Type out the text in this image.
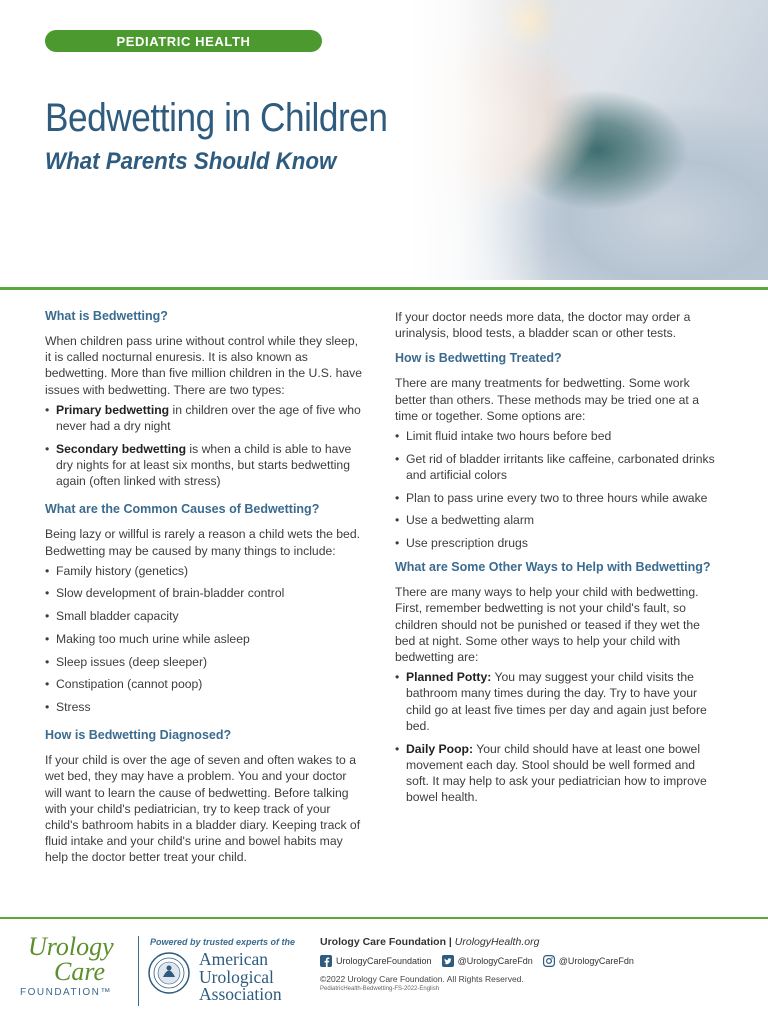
PEDIATRIC HEALTH
Bedwetting in Children
What Parents Should Know
What is Bedwetting?

When children pass urine without control while they sleep, it is called nocturnal enuresis. It is also known as bedwetting. More than five million children in the U.S. have issues with bedwetting. There are two types:

• Primary bedwetting in children over the age of five who never had a dry night
• Secondary bedwetting is when a child is able to have dry nights for at least six months, but starts bedwetting again (often linked with stress)
What are the Common Causes of Bedwetting?

Being lazy or willful is rarely a reason a child wets the bed. Bedwetting may be caused by many things to include:

• Family history (genetics)
• Slow development of brain-bladder control
• Small bladder capacity
• Making too much urine while asleep
• Sleep issues (deep sleeper)
• Constipation (cannot poop)
• Stress
How is Bedwetting Diagnosed?

If your child is over the age of seven and often wakes to a wet bed, they may have a problem. You and your doctor will want to learn the cause of bedwetting. Before talking with your child's pediatrician, try to keep track of your child's bathroom habits in a bladder diary. Keeping track of fluid intake and your child's urine and bowel habits may help the doctor better treat your child.

If your doctor needs more data, the doctor may order a urinalysis, blood tests, a bladder scan or other tests.

How is Bedwetting Treated?

There are many treatments for bedwetting. Some work better than others. These methods may be tried one at a time or together. Some options are:

• Limit fluid intake two hours before bed
• Get rid of bladder irritants like caffeine, carbonated drinks and artificial colors
• Plan to pass urine every two to three hours while awake
• Use a bedwetting alarm
• Use prescription drugs
What are Some Other Ways to Help with Bedwetting?

There are many ways to help your child with bedwetting. First, remember bedwetting is not your child's fault, so children should not be punished or teased if they wet the bed at night. Some other ways to help your child with bedwetting are:

• Planned Potty: You may suggest your child visits the bathroom many times during the day. Try to have your child go at least five times per day and again just before bed.
• Daily Poop: Your child should have at least one bowel movement each day. Stool should be well formed and soft. It may help to ask your pediatrician how to improve bowel health.
Urology
Care
FOUNDATION™
Powered by trusted experts of the
American
Urological
Association
Urology Care Foundation | UrologyHealth.org
UrologyCareFoundation	@UrologyCareFdn	@UrologyCareFdn
©2022 Urology Care Foundation. All Rights Reserved.
PediatricHealth-Bedwetting-FS-2022-English
